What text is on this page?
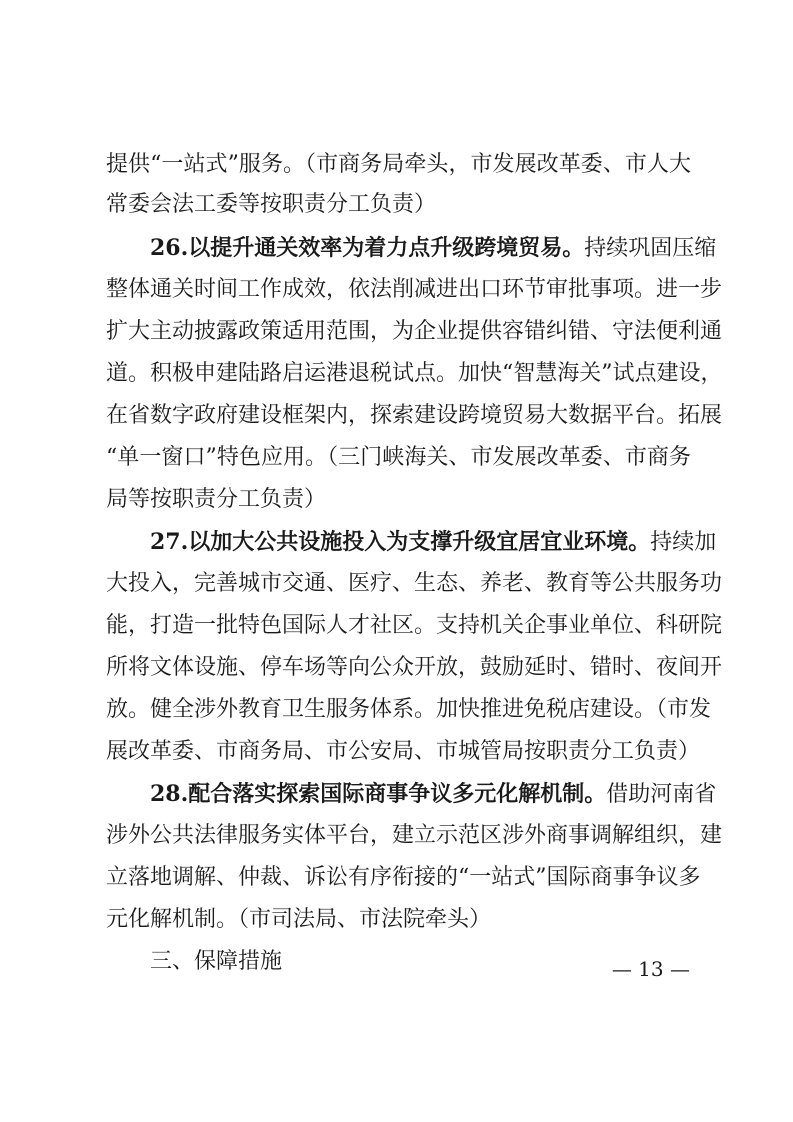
提供“一站式”服务。（市商务局牵头，市发展改革委、市人大
常委会法工委等按职责分工负责）
26.以提升通关效率为着力点升级跨境贸易。持续巩固压缩
整体通关时间工作成效，依法削减进出口环节审批事项。进一步
扩大主动披露政策适用范围，为企业提供容错纠错、守法便利通
道。积极申建陆路启运港退税试点。加快“智慧海关”试点建设，
在省数字政府建设框架内，探索建设跨境贸易大数据平台。拓展
“单一窗口”特色应用。（三门峡海关、市发展改革委、市商务
局等按职责分工负责）
27.以加大公共设施投入为支撑升级宜居宜业环境。持续加
大投入，完善城市交通、医疗、生态、养老、教育等公共服务功
能，打造一批特色国际人才社区。支持机关企事业单位、科研院
所将文体设施、停车场等向公众开放，鼓励延时、错时、夜间开
放。健全涉外教育卫生服务体系。加快推进免税店建设。（市发
展改革委、市商务局、市公安局、市城管局按职责分工负责）
28.配合落实探索国际商事争议多元化解机制。借助河南省
涉外公共法律服务实体平台，建立示范区涉外商事调解组织，建
立落地调解、仲裁、诉讼有序衔接的“一站式”国际商事争议多
元化解机制。（市司法局、市法院牵头）
三、保障措施	— 13 —
